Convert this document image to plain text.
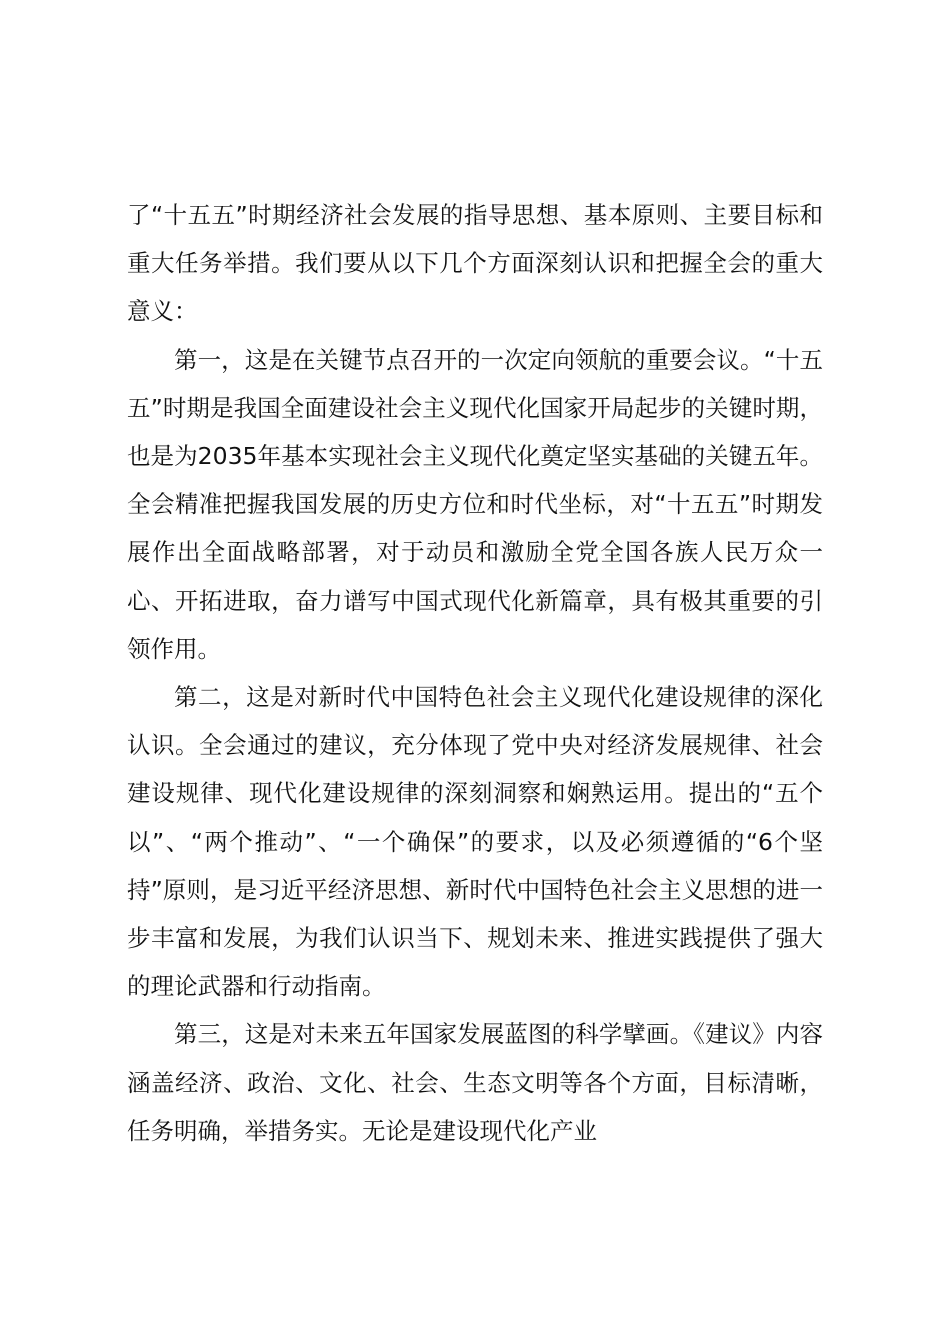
了“十五五”时期经济社会发展的指导思想、基本原则、主要目标和重大任务举措。我们要从以下几个方面深刻认识和把握全会的重大意义：

第一，这是在关键节点召开的一次定向领航的重要会议。“十五五”时期是我国全面建设社会主义现代化国家开局起步的关键时期，也是为2035年基本实现社会主义现代化奠定坚实基础的关键五年。全会精准把握我国发展的历史方位和时代坐标，对“十五五”时期发展作出全面战略部署，对于动员和激励全党全国各族人民万众一心、开拓进取，奋力谱写中国式现代化新篇章，具有极其重要的引领作用。

第二，这是对新时代中国特色社会主义现代化建设规律的深化认识。全会通过的建议，充分体现了党中央对经济发展规律、社会建设规律、现代化建设规律的深刻洞察和娴熟运用。提出的“五个以”、“两个推动”、“一个确保”的要求，以及必须遵循的“6个坚持”原则，是习近平经济思想、新时代中国特色社会主义思想的进一步丰富和发展，为我们认识当下、规划未来、推进实践提供了强大的理论武器和行动指南。

第三，这是对未来五年国家发展蓝图的科学擘画。《建议》内容涵盖经济、政治、文化、社会、生态文明等各个方面，目标清晰，任务明确，举措务实。无论是建设现代化产业
